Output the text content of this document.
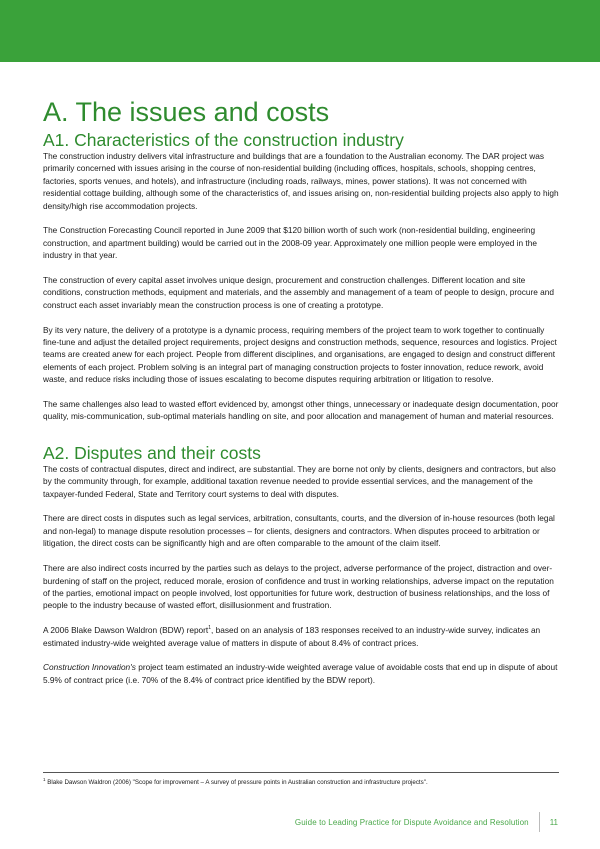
A. The issues and costs
A1. Characteristics of the construction industry

The construction industry delivers vital infrastructure and buildings that are a foundation to the Australian economy. The DAR project was primarily concerned with issues arising in the course of non-residential building (including offices, hospitals, schools, shopping centres, factories, sports venues, and hotels), and infrastructure (including roads, railways, mines, power stations). It was not concerned with residential cottage building, although some of the characteristics of, and issues arising on, non-residential building projects also apply to high density/high rise accommodation projects.

The Construction Forecasting Council reported in June 2009 that $120 billion worth of such work (non-residential building, engineering construction, and apartment building) would be carried out in the 2008-09 year. Approximately one million people were employed in the industry in that year.

The construction of every capital asset involves unique design, procurement and construction challenges. Different location and site conditions, construction methods, equipment and materials, and the assembly and management of a team of people to design, procure and construct each asset invariably mean the construction process is one of creating a prototype.

By its very nature, the delivery of a prototype is a dynamic process, requiring members of the project team to work together to continually fine-tune and adjust the detailed project requirements, project designs and construction methods, sequence, resources and logistics. Project teams are created anew for each project. People from different disciplines, and organisations, are engaged to design and construct different elements of each project. Problem solving is an integral part of managing construction projects to foster innovation, reduce rework, avoid waste, and reduce risks including those of issues escalating to become disputes requiring arbitration or litigation to resolve.

The same challenges also lead to wasted effort evidenced by, amongst other things, unnecessary or inadequate design documentation, poor quality, mis-communication, sub-optimal materials handling on site, and poor allocation and management of human and material resources.

A2. Disputes and their costs

The costs of contractual disputes, direct and indirect, are substantial. They are borne not only by clients, designers and contractors, but also by the community through, for example, additional taxation revenue needed to provide essential services, and the management of the taxpayer-funded Federal, State and Territory court systems to deal with disputes.

There are direct costs in disputes such as legal services, arbitration, consultants, courts, and the diversion of in-house resources (both legal and non-legal) to manage dispute resolution processes – for clients, designers and contractors. When disputes proceed to arbitration or litigation, the direct costs can be significantly high and are often comparable to the amount of the claim itself.

There are also indirect costs incurred by the parties such as delays to the project, adverse performance of the project, distraction and over-burdening of staff on the project, reduced morale, erosion of confidence and trust in working relationships, adverse impact on the reputation of the parties, emotional impact on people involved, lost opportunities for future work, destruction of business relationships, and the loss of people to the industry because of wasted effort, disillusionment and frustration.

A 2006 Blake Dawson Waldron (BDW) report$^1$, based on an analysis of 183 responses received to an industry-wide survey, indicates an estimated industry-wide weighted average value of matters in dispute of about 8.4% of contract prices.

Construction Innovation's project team estimated an industry-wide weighted average value of avoidable costs that end up in dispute of about 5.9% of contract price (i.e. 70% of the 8.4% of contract price identified by the BDW report).

$^1$ Blake Dawson Waldron (2006) "Scope for improvement – A survey of pressure points in Australian construction and infrastructure projects".
Guide to Leading Practice for Dispute Avoidance and Resolution	11
